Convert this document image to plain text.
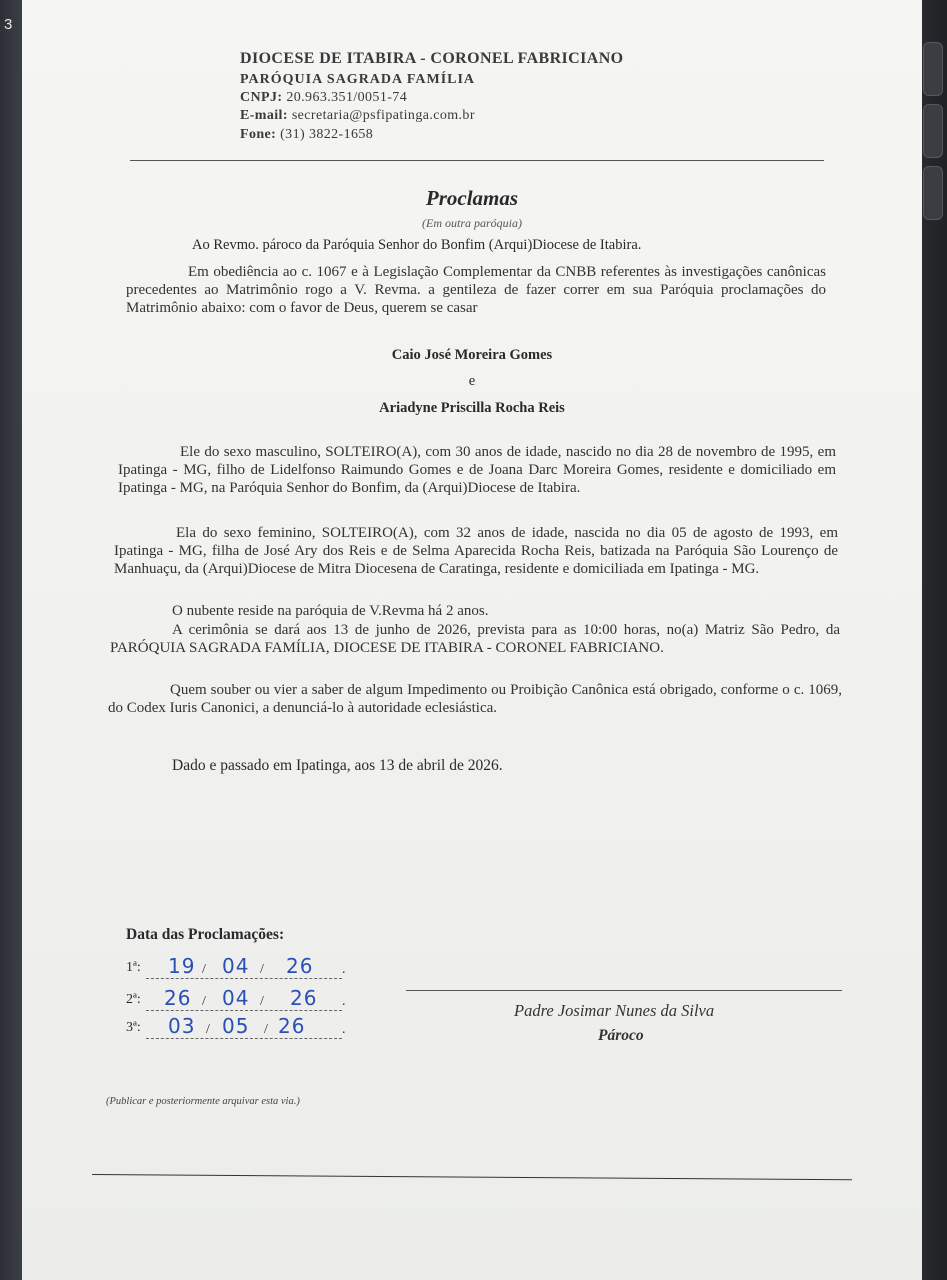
3
DIOCESE DE ITABIRA - CORONEL FABRICIANO
PARÓQUIA SAGRADA FAMÍLIA
CNPJ: 20.963.351/0051-74
E-mail: secretaria@psfipatinga.com.br
Fone: (31) 3822-1658
Proclamas
(Em outra paróquia)
Ao Revmo. pároco da Paróquia Senhor do Bonfim (Arqui)Diocese de Itabira.
Em obediência ao c. 1067 e à Legislação Complementar da CNBB referentes às investigações canônicas precedentes ao Matrimônio rogo a V. Revma. a gentileza de fazer correr em sua Paróquia proclamações do Matrimônio abaixo: com o favor de Deus, querem se casar
Caio José Moreira Gomes
e
Ariadyne Priscilla Rocha Reis
Ele do sexo masculino, SOLTEIRO(A), com 30 anos de idade, nascido no dia 28 de novembro de 1995, em Ipatinga - MG, filho de Lidelfonso Raimundo Gomes e de Joana Darc Moreira Gomes, residente e domiciliado em Ipatinga - MG, na Paróquia Senhor do Bonfim, da (Arqui)Diocese de Itabira.
Ela do sexo feminino, SOLTEIRO(A), com 32 anos de idade, nascida no dia 05 de agosto de 1993, em Ipatinga - MG, filha de José Ary dos Reis e de Selma Aparecida Rocha Reis, batizada na Paróquia São Lourenço de Manhuaçu, da (Arqui)Diocese de Mitra Diocesena de Caratinga, residente e domiciliada em Ipatinga - MG.
O nubente reside na paróquia de V.Revma há 2 anos.
A cerimônia se dará aos 13 de junho de 2026, prevista para as 10:00 horas, no(a) Matriz São Pedro, da PARÓQUIA SAGRADA FAMÍLIA, DIOCESE DE ITABIRA - CORONEL FABRICIANO.
Quem souber ou vier a saber de algum Impedimento ou Proibição Canônica está obrigado, conforme o c. 1069, do Codex Iuris Canonici, a denunciá-lo à autoridade eclesiástica.
Dado e passado em Ipatinga, aos 13 de abril de 2026.
Data das Proclamações:
1ª: 19 / 04 / 26 .
2ª: 26 / 04 / 26 .
3ª: 03 / 05 / 26	.
Padre Josimar Nunes da Silva
Pároco
(Publicar e posteriormente arquivar esta via.)
